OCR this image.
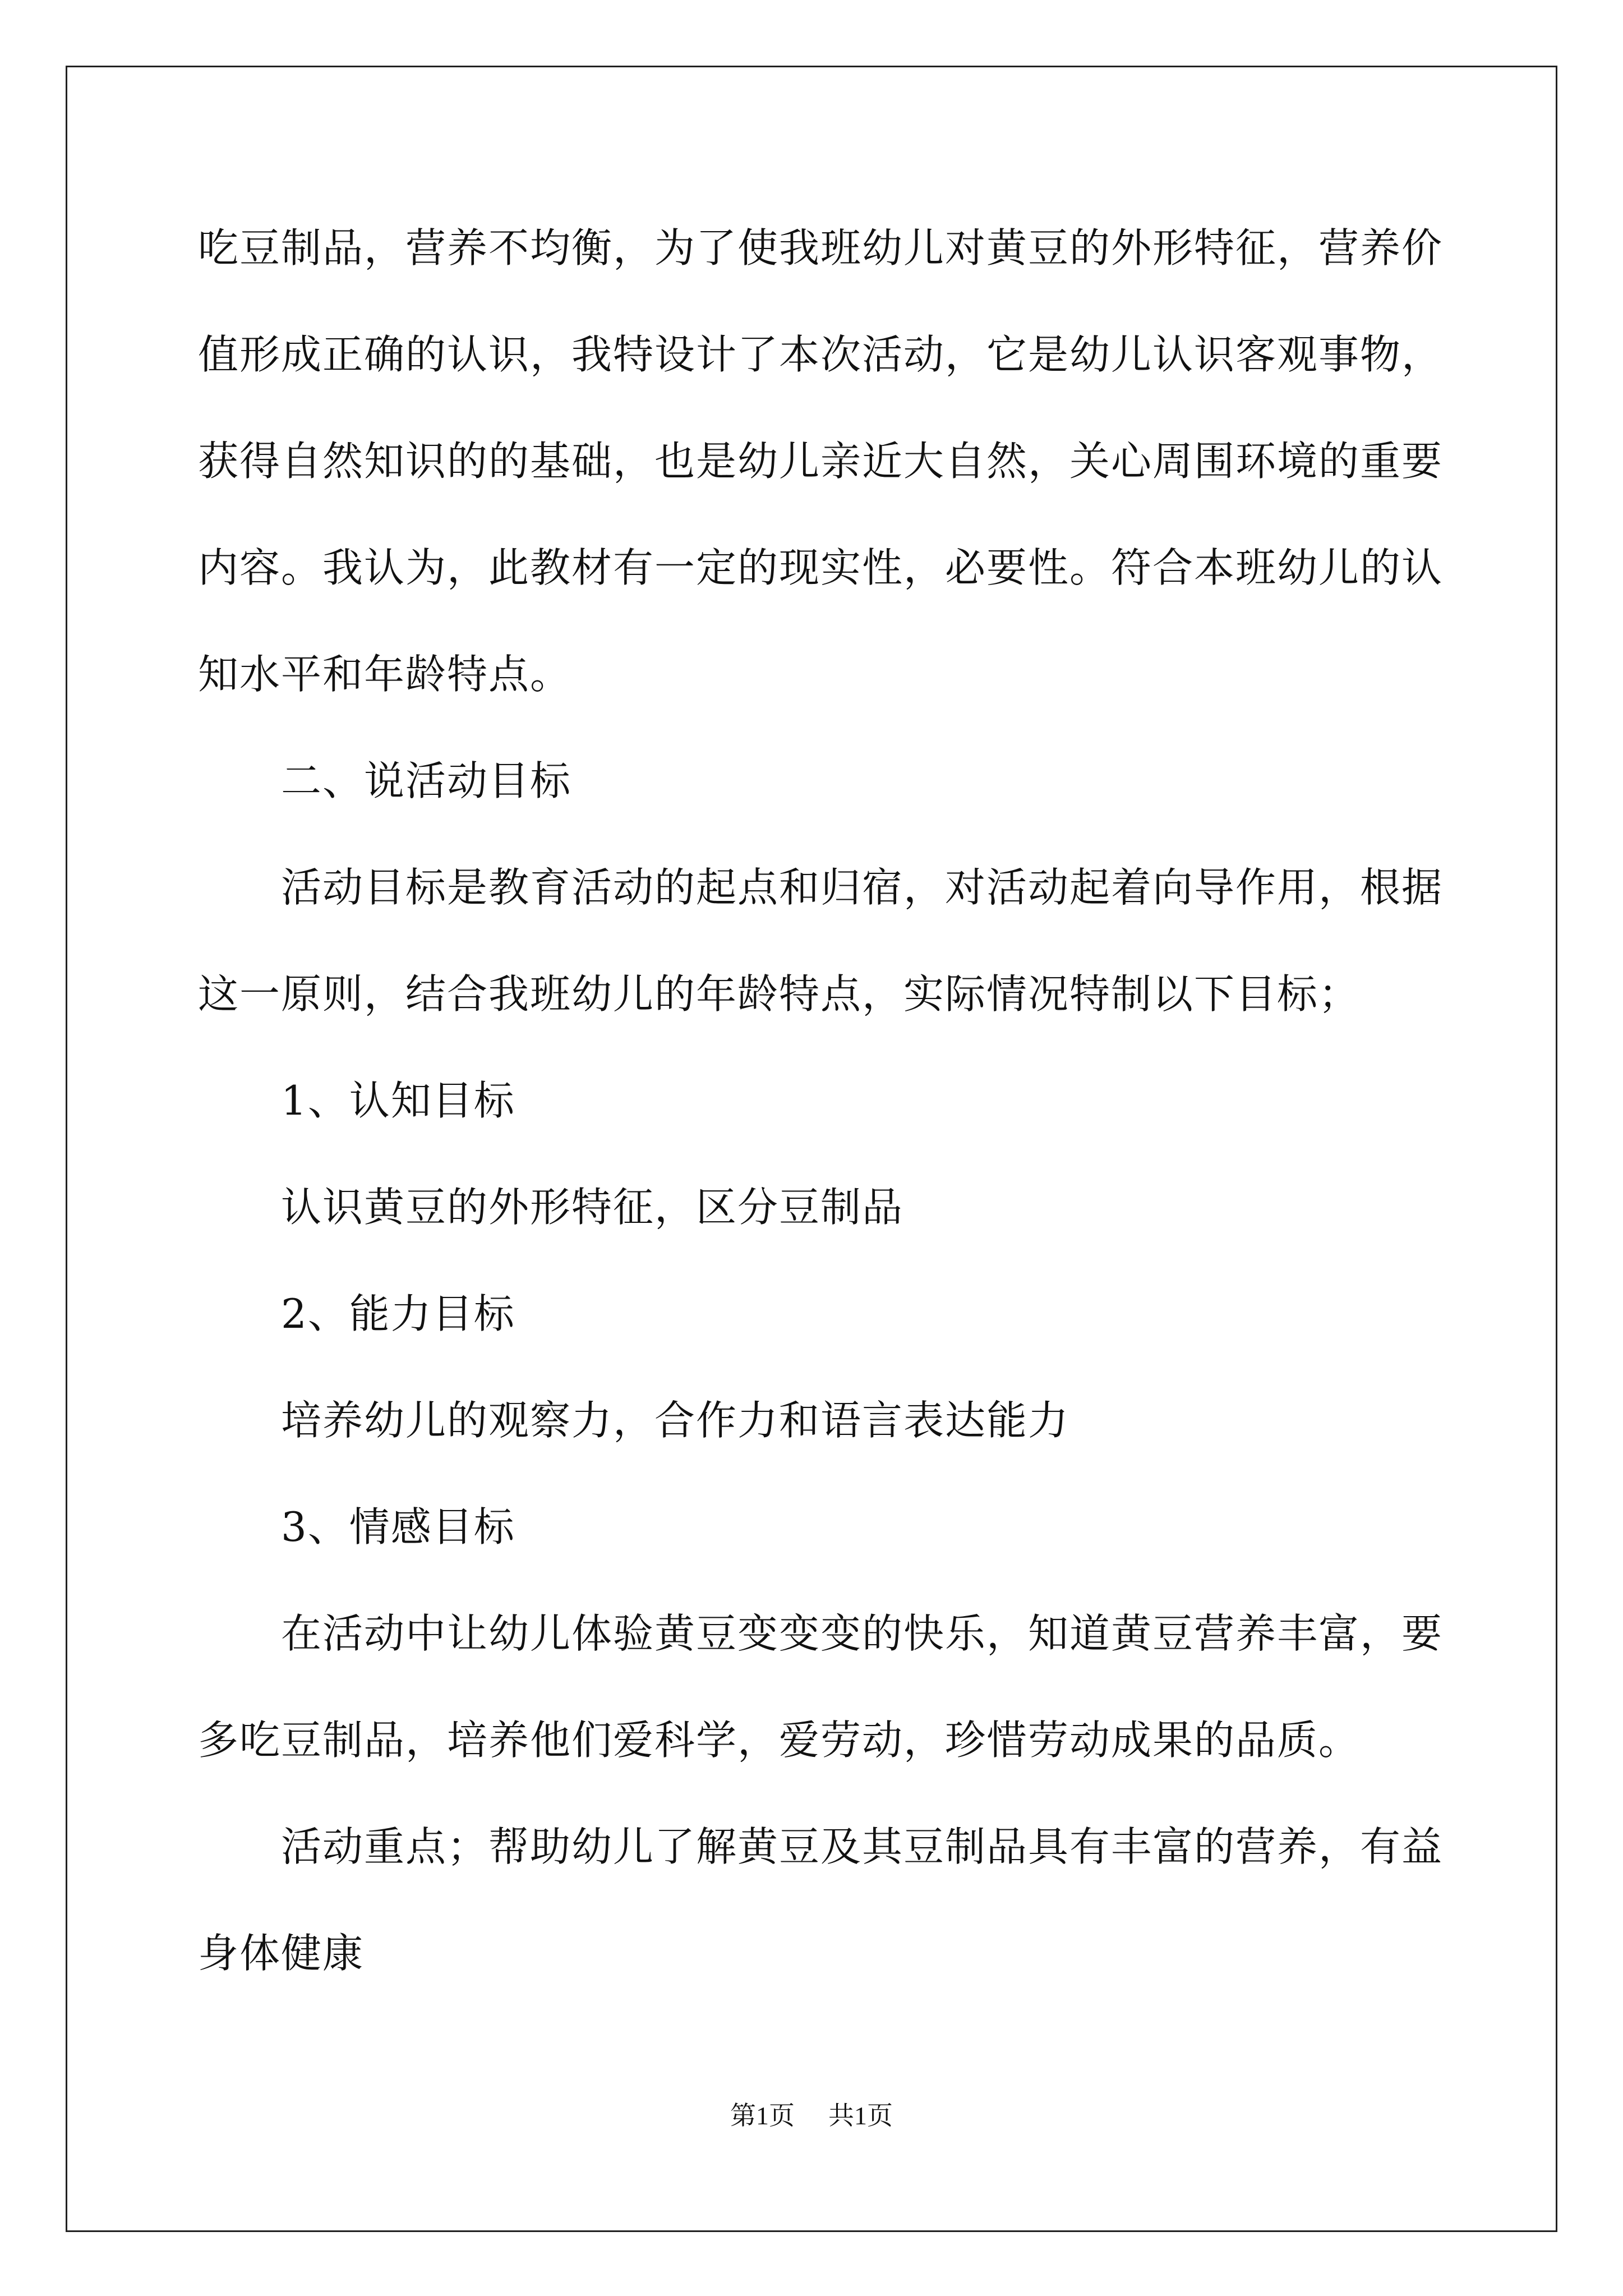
吃豆制品，营养不均衡，为了使我班幼儿对黄豆的外形特征，营养价
值形成正确的认识，我特设计了本次活动，它是幼儿认识客观事物，
获得自然知识的的基础，也是幼儿亲近大自然，关心周围环境的重要
内容。我认为，此教材有一定的现实性，必要性。符合本班幼儿的认
知水平和年龄特点。
二、说活动目标
活动目标是教育活动的起点和归宿，对活动起着向导作用，根据
这一原则，结合我班幼儿的年龄特点，实际情况特制以下目标；
1、认知目标
认识黄豆的外形特征，区分豆制品
2、能力目标
培养幼儿的观察力，合作力和语言表达能力
3、情感目标
在活动中让幼儿体验黄豆变变变的快乐，知道黄豆营养丰富，要
多吃豆制品，培养他们爱科学，爱劳动，珍惜劳动成果的品质。
活动重点；帮助幼儿了解黄豆及其豆制品具有丰富的营养，有益
身体健康
第1页 共1页
